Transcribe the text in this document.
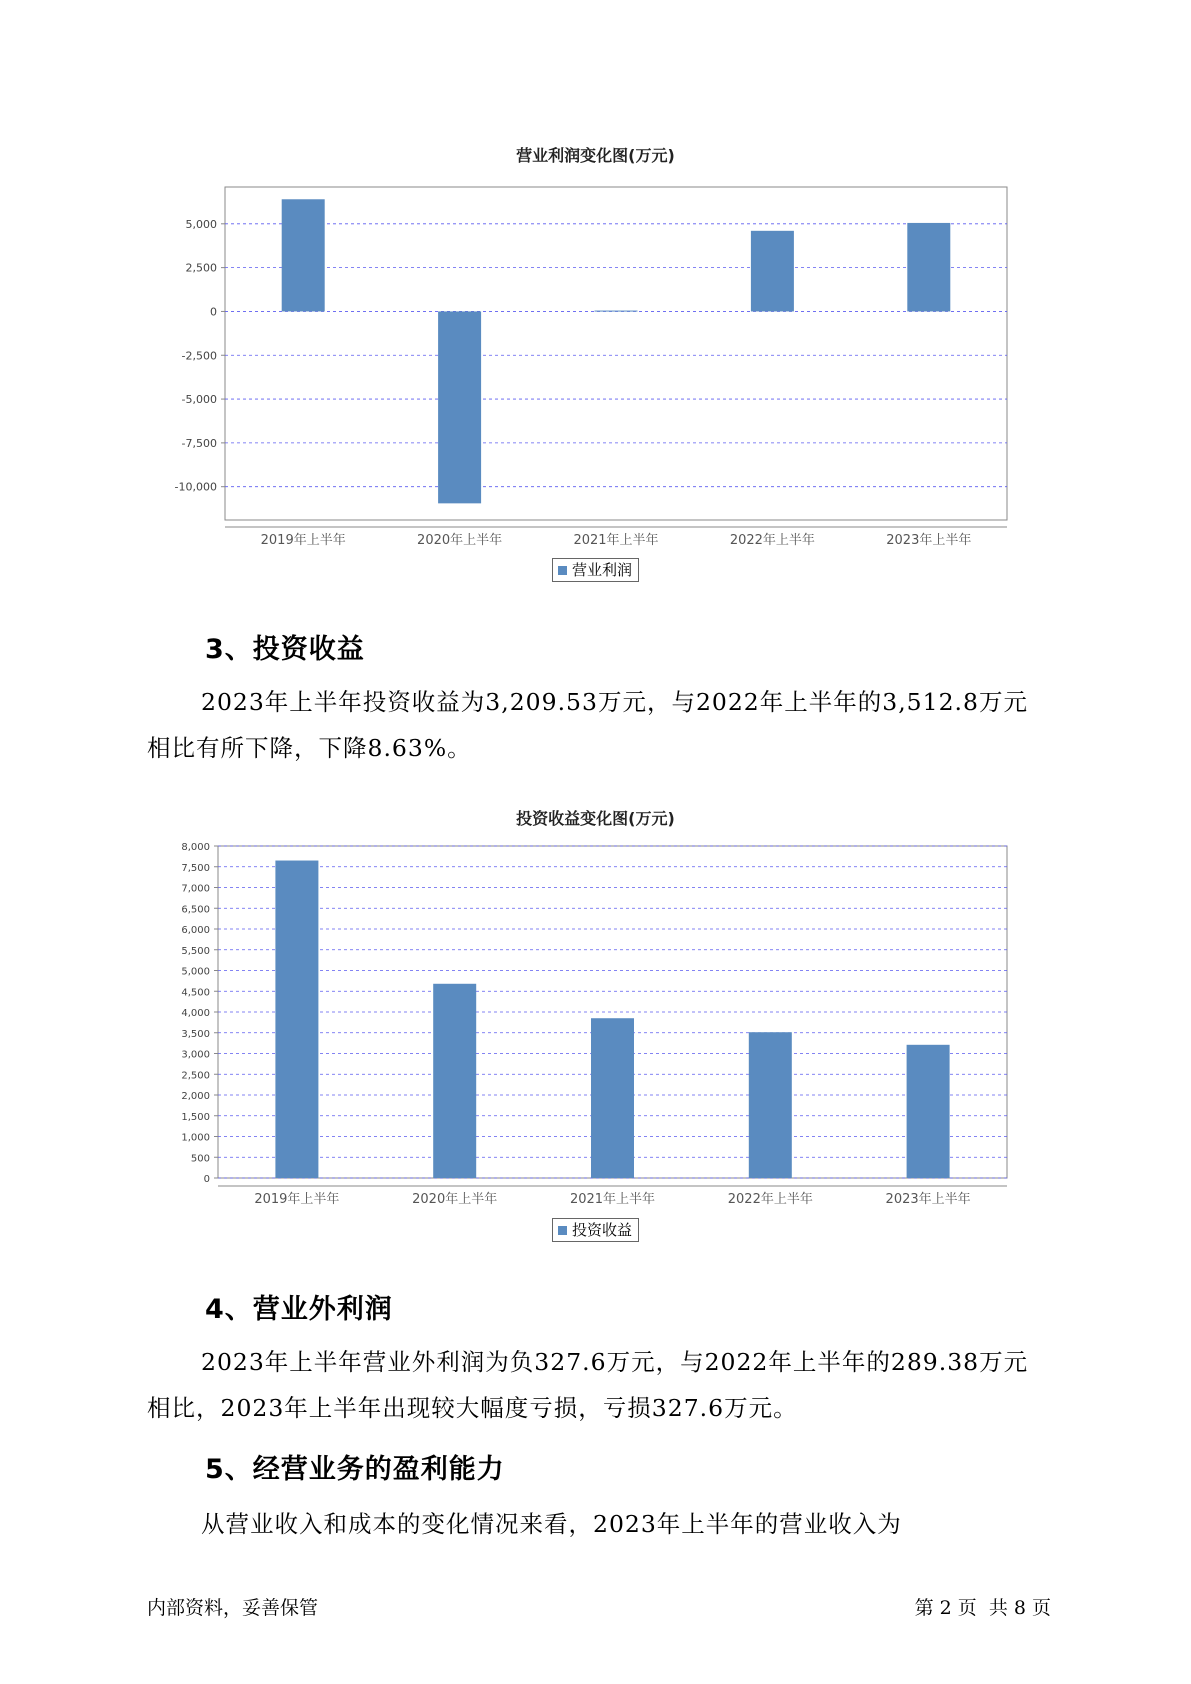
营业利润变化图(万元)
5,000
2,500
0
-2,500
-5,000
-7,500
-10,000
2019年上半年	2020年上半年	2021年上半年	2022年上半年	2023年上半年
营业利润
3、投资收益

2023年上半年投资收益为3,209.53万元，与2022年上半年的3,512.8万元相比有所下降，下降8.63%。

投资收益变化图(万元)
8,000
7,500
7,000
6,500
6,000
5,500
5,000
4,500
4,000
3,500
3,000
2,500
2,000
1,500
1,000
500
0
2019年上半年	2020年上半年	2021年上半年	2022年上半年	2023年上半年
投资收益
4、营业外利润

2023年上半年营业外利润为负327.6万元，与2022年上半年的289.38万元相比，2023年上半年出现较大幅度亏损，亏损327.6万元。

5、经营业务的盈利能力

从营业收入和成本的变化情况来看，2023年上半年的营业收入为

内部资料，妥善保管	第 2 页  共 8 页
